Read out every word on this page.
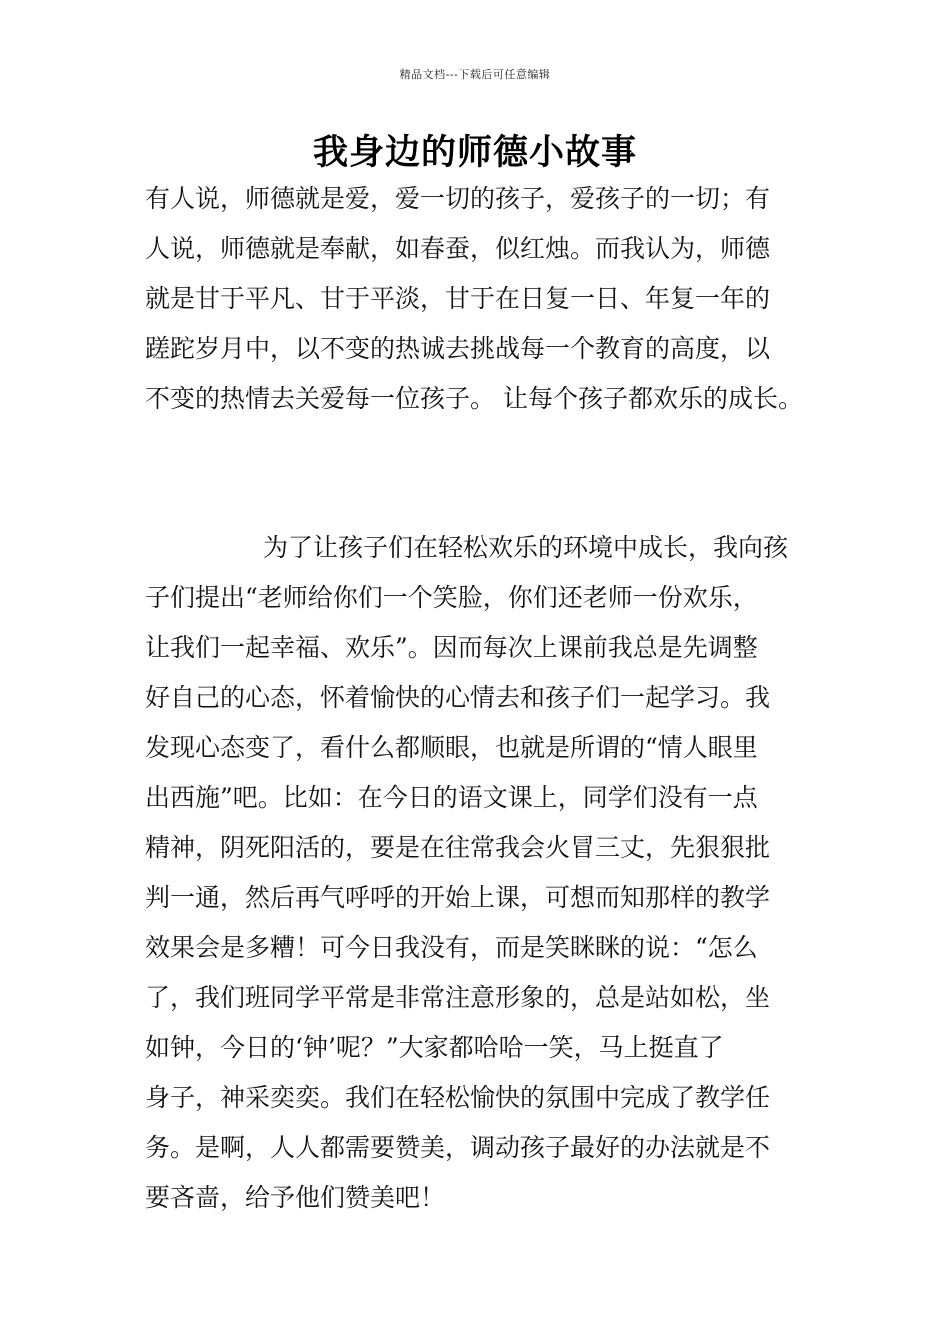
精品文档---下载后可任意编辑
我身边的师德小故事
有人说，师德就是爱，爱一切的孩子，爱孩子的一切；有
人说，师德就是奉献，如春蚕，似红烛。而我认为，师德
就是甘于平凡、甘于平淡，甘于在日复一日、年复一年的
蹉跎岁月中，以不变的热诚去挑战每一个教育的高度，以
不变的热情去关爱每一位孩子。 让每个孩子都欢乐的成长。
为了让孩子们在轻松欢乐的环境中成长，我向孩
子们提出“老师给你们一个笑脸，你们还老师一份欢乐，
让我们一起幸福、欢乐”。因而每次上课前我总是先调整
好自己的心态，怀着愉快的心情去和孩子们一起学习。我
发现心态变了，看什么都顺眼，也就是所谓的“情人眼里
出西施”吧。比如：在今日的语文课上，同学们没有一点
精神，阴死阳活的，要是在往常我会火冒三丈，先狠狠批
判一通，然后再气呼呼的开始上课，可想而知那样的教学
效果会是多糟！可今日我没有，而是笑眯眯的说：“怎么
了，我们班同学平常是非常注意形象的，总是站如松，坐
如钟，今日的‘钟’呢？”大家都哈哈一笑，马上挺直了
身子，神采奕奕。我们在轻松愉快的氛围中完成了教学任
务。是啊，人人都需要赞美，调动孩子最好的办法就是不
要吝啬，给予他们赞美吧！
